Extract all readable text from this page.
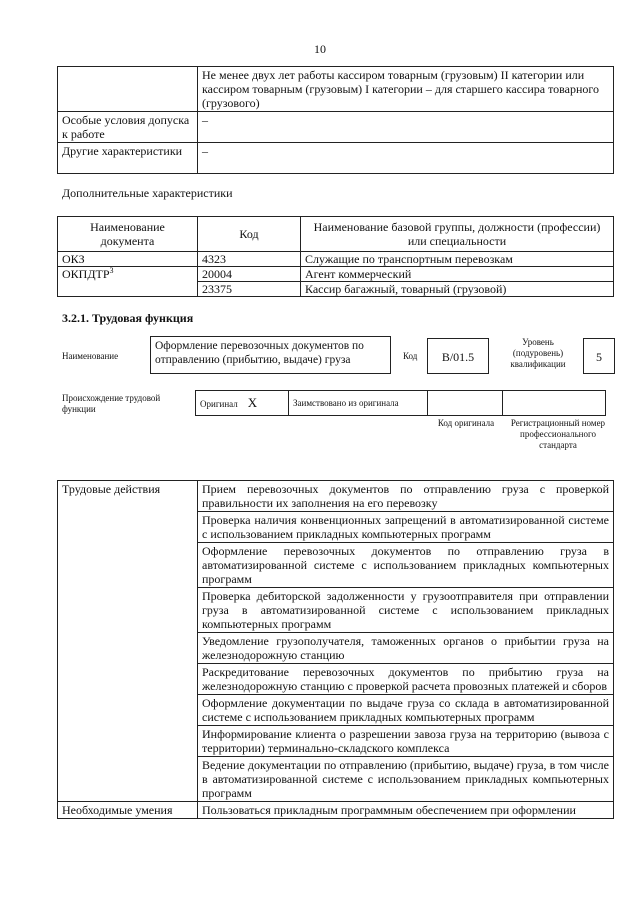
10
	Не менее двух лет работы кассиром товарным (грузовым) II категории или кассиром товарным (грузовым) I категории – для старшего кассира товарного (грузового)
Особые условия допуска к работе	–
Другие характеристики	–
Дополнительные характеристики
Наименование документа	Код	Наименование базовой группы, должности (профессии) или специальности
ОКЗ	4323	Служащие по транспортным перевозкам
ОКПДТР$^3$	20004	Агент коммерческий
	23375	Кассир багажный, товарный (грузовой)
3.2.1. Трудовая функция
Наименование
Оформление перевозочных документов по отправлению (прибытию, выдаче) груза	Код	В/01.5
Уровень (подуровень) квалификации	5
Происхождение трудовой функции
Оригинал X	Заимствовано из оригинала		
Код оригинала	Регистрационный номер профессионального стандарта
Трудовые действия	Прием перевозочных документов по отправлению груза с проверкой правильности их заполнения на его перевозку
	Проверка наличия конвенционных запрещений в автоматизированной системе с использованием прикладных компьютерных программ
	Оформление перевозочных документов по отправлению груза в автоматизированной системе с использованием прикладных компьютерных программ
	Проверка дебиторской задолженности у грузоотправителя при отправлении груза в автоматизированной системе с использованием прикладных компьютерных программ
	Уведомление грузополучателя, таможенных органов о прибытии груза на железнодорожную станцию
	Раскредитование перевозочных документов по прибытию груза на железнодорожную станцию с проверкой расчета провозных платежей и сборов
	Оформление документации по выдаче груза со склада в автоматизированной системе с использованием прикладных компьютерных программ
	Информирование клиента о разрешении завоза груза на территорию (вывоза с территории) терминально-складского комплекса
	Ведение документации по отправлению (прибытию, выдаче) груза, в том числе в автоматизированной системе с использованием прикладных компьютерных программ
Необходимые умения	Пользоваться прикладным программным обеспечением при оформлении
